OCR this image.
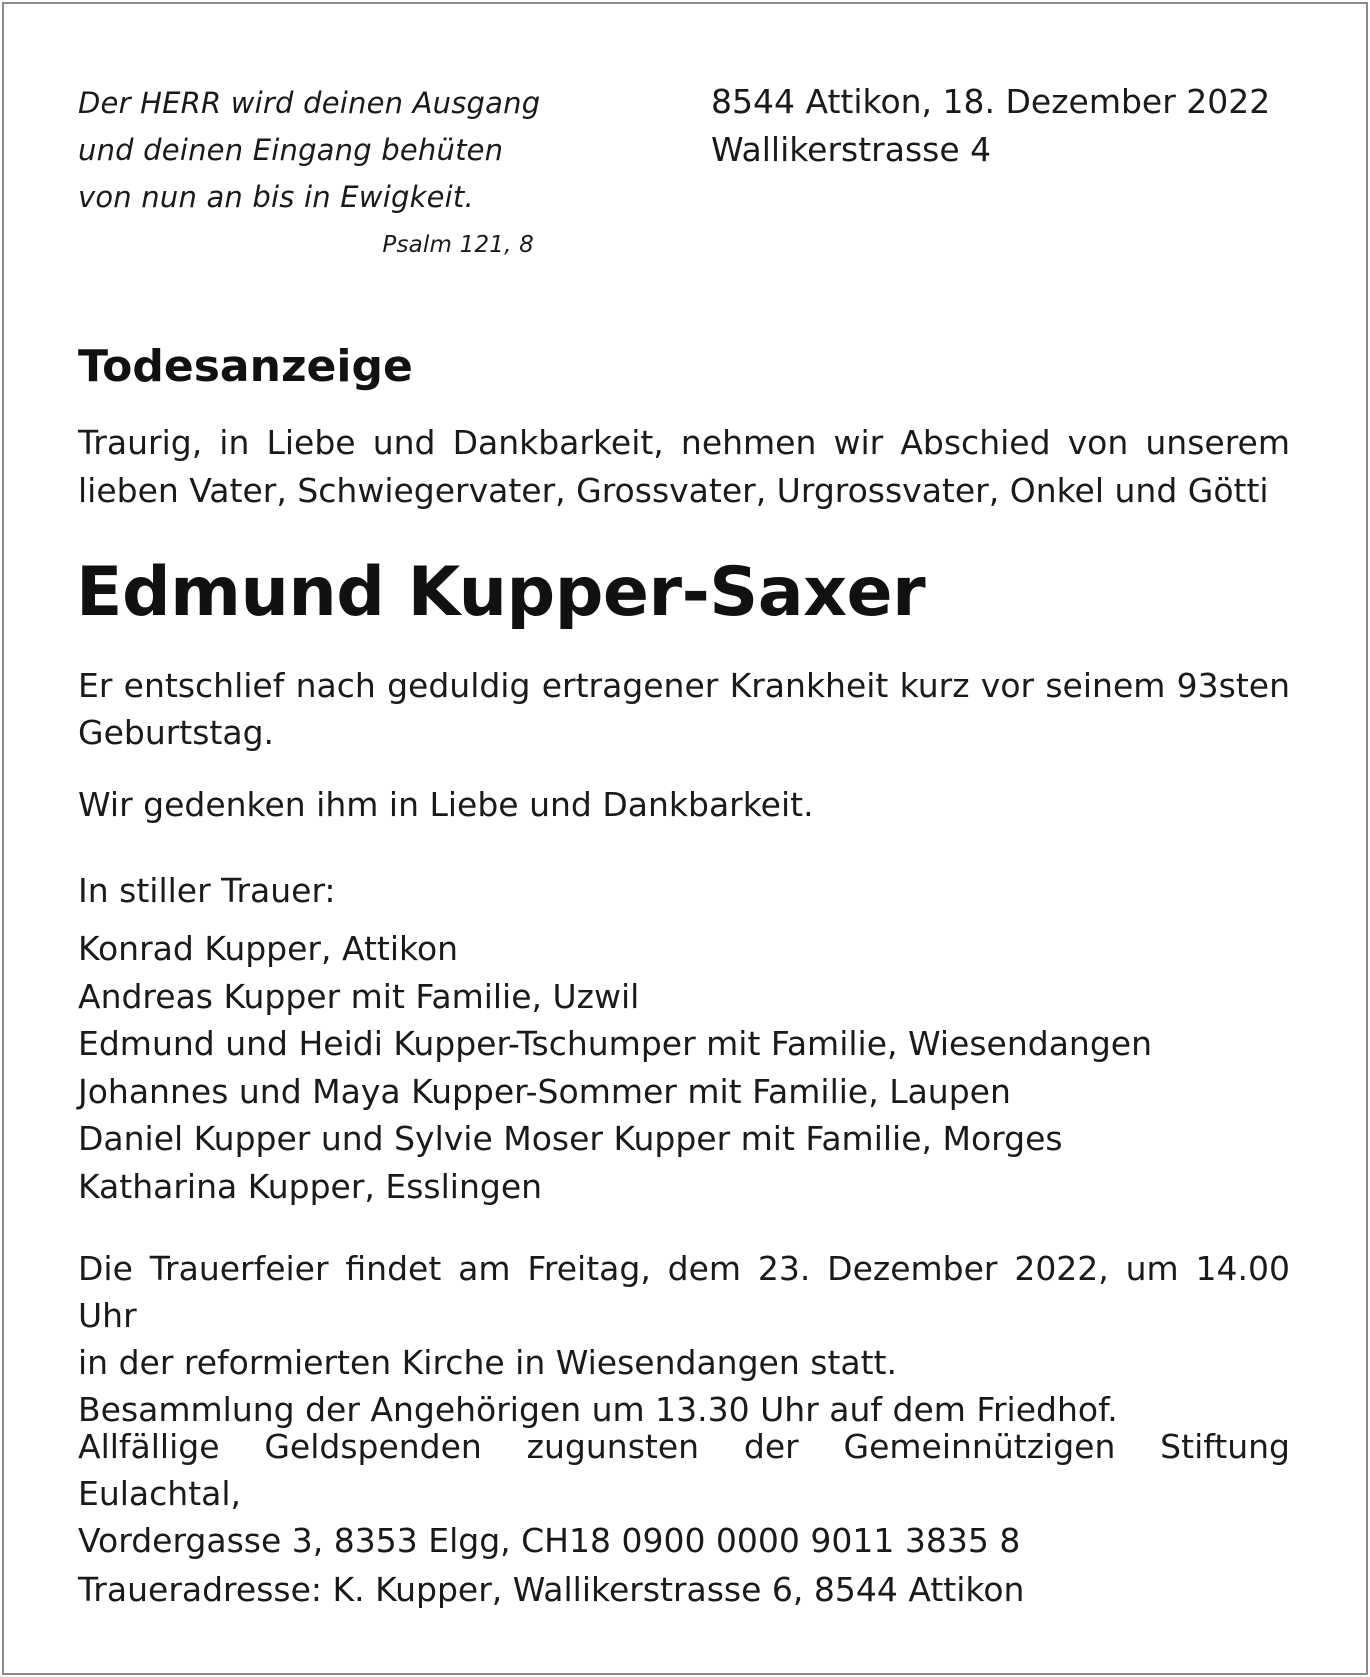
Der HERR wird deinen Ausgang
und deinen Eingang behüten
von nun an bis in Ewigkeit.
Psalm 121, 8
8544 Attikon, 18. Dezember 2022
Wallikerstrasse 4
Todesanzeige
Traurig, in Liebe und Dankbarkeit, nehmen wir Abschied von unserem
lieben Vater, Schwiegervater, Grossvater, Urgrossvater, Onkel und Götti
Edmund Kupper-Saxer
Er entschlief nach geduldig ertragener Krankheit kurz vor seinem 93sten
Geburtstag.
Wir gedenken ihm in Liebe und Dankbarkeit.
In stiller Trauer:
Konrad Kupper, Attikon
Andreas Kupper mit Familie, Uzwil
Edmund und Heidi Kupper-Tschumper mit Familie, Wiesendangen
Johannes und Maya Kupper-Sommer mit Familie, Laupen
Daniel Kupper und Sylvie Moser Kupper mit Familie, Morges
Katharina Kupper, Esslingen
Die Trauerfeier findet am Freitag, dem 23. Dezember 2022, um 14.00 Uhr
in der reformierten Kirche in Wiesendangen statt.
Besammlung der Angehörigen um 13.30 Uhr auf dem Friedhof.
Allfällige Geldspenden zugunsten der Gemeinnützigen Stiftung Eulachtal,
Vordergasse 3, 8353 Elgg, CH18 0900 0000 9011 3835 8
Traueradresse: K. Kupper, Wallikerstrasse 6, 8544 Attikon
